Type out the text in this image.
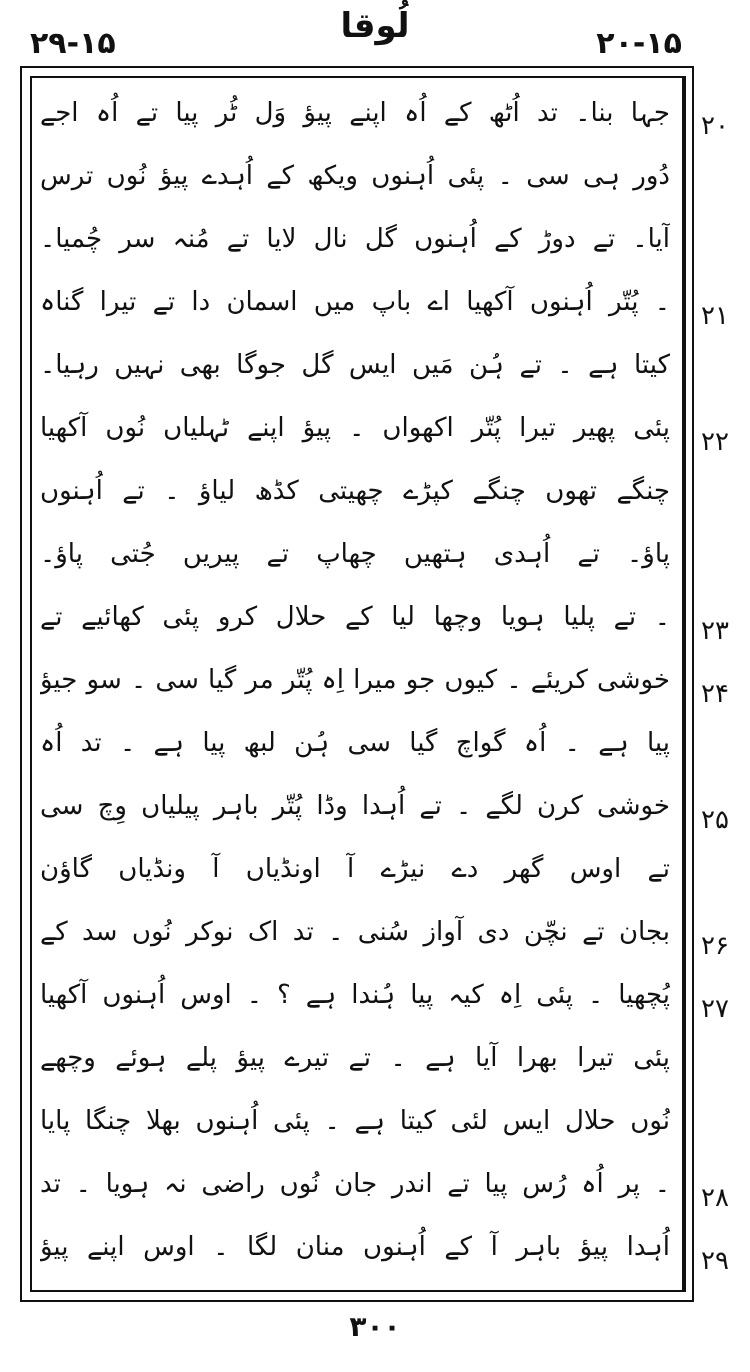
۲۹-۱۵	لُوقا	۲۰-۱۵
جہا بنا۔ تد اُٹھ کے اُہ اپنے پیؤ وَل ٹُر پیا تے اُہ اجے
دُور ہی سی ۔ پئی اُہنوں ویکھ کے اُہدے پیؤ نُوں ترس
آیا۔ تے دوڑ کے اُہنوں گل نال لایا تے مُنہ سر چُمیا۔
۔ پُتّر اُہنوں آکھیا اے باپ میں اسمان دا تے تیرا گناہ
کیتا ہے ۔ تے ہُن مَیں ایس گل جوگا بھی نہیں رہیا۔
پئی پھیر تیرا پُتّر اکھواں ۔ پیؤ اپنے ٹہلیاں نُوں آکھیا
چنگے تھوں چنگے کپڑے چھیتی کڈھ لیاؤ ۔ تے اُہنوں
پاؤ۔ تے اُہدی ہتھیں چھاپ تے پیریں جُتی پاؤ۔
۔ تے پلیا ہویا وچھا لیا کے حلال کرو پئی کھائیے تے
خوشی کریئے ۔ کیوں جو میرا اِہ پُتّر مر گیا سی ۔ سو جیؤ
پیا ہے ۔ اُہ گواچ گیا سی ہُن لبھ پیا ہے ۔ تد اُہ
خوشی کرن لگے ۔ تے اُہدا وڈا پُتّر باہر پیلیاں وِچ سی
تے اوس گھر دے نیڑے آ اونڈیاں آ ونڈیاں گاؤن
بجان تے نچّن دی آواز سُنی ۔ تد اک نوکر نُوں سد کے
پُچھیا ۔ پئی اِہ کیہ پیا ہُندا ہے ؟ ۔ اوس اُہنوں آکھیا
پئی تیرا بھرا آیا ہے ۔ تے تیرے پیؤ پلے ہوئے وچھے
نُوں حلال ایس لئی کیتا ہے ۔ پئی اُہنوں بھلا چنگا پایا
۔ پر اُہ رُس پیا تے اندر جان نُوں راضی نہ ہویا ۔ تد
اُہدا پیؤ باہر آ کے اُہنوں منان لگا ۔ اوس اپنے پیؤ
۲۰
۲۱
۲۲
۲۳
۲۴
۲۵
۲۶
۲۷
۲۸
۲۹
۳۰۰
